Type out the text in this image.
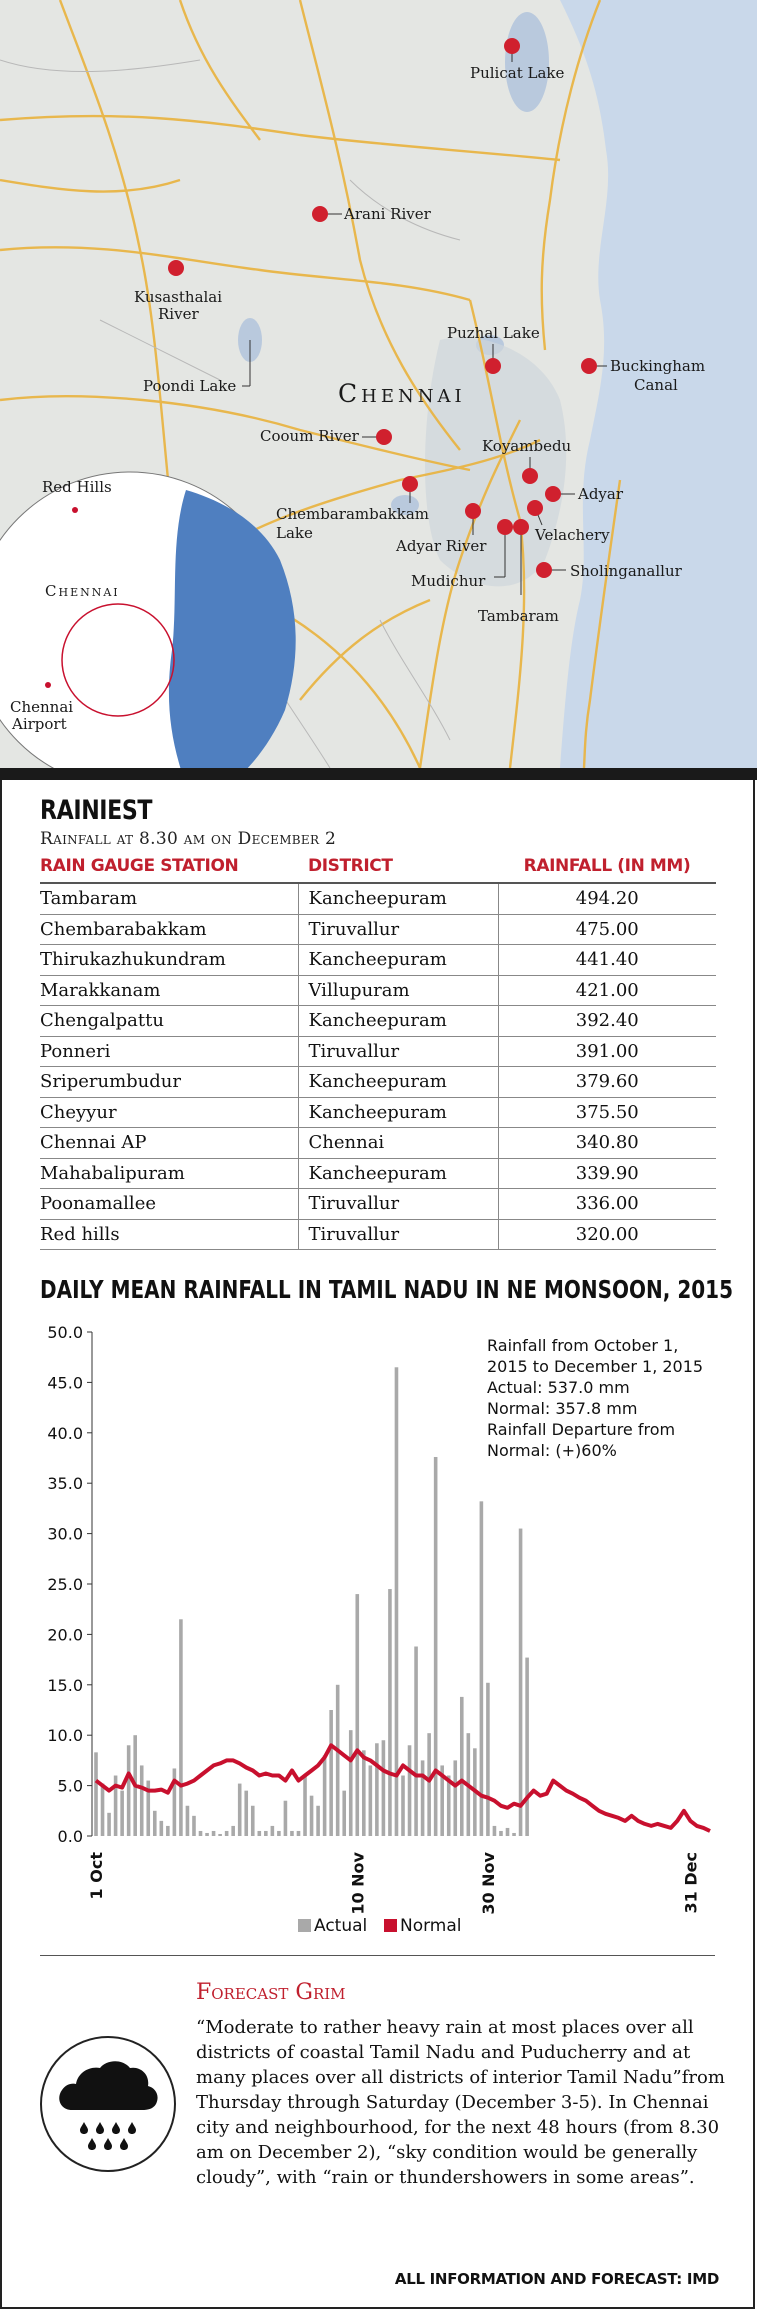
Red Hills
Chennai
Chennai
Airport
Pulicat Lake
Arani River
Kusasthalai
River
Poondi Lake
Puzhal Lake
Buckingham
Canal
Chennai
Cooum River
Koyambedu
Adyar
Chembarambakkam
Lake
Adyar River
Velachery
Mudichur
Tambaram
Sholinganallur
RAINIEST
Rainfall at 8.30 am on December 2
RAIN GAUGE STATION	DISTRICT	RAINFALL (IN MM)
Tambaram	Kancheepuram	494.20
Chembarabakkam	Tiruvallur	475.00
Thirukazhukundram	Kancheepuram	441.40
Marakkanam	Villupuram	421.00
Chengalpattu	Kancheepuram	392.40
Ponneri	Tiruvallur	391.00
Sriperumbudur	Kancheepuram	379.60
Cheyyur	Kancheepuram	375.50
Chennai AP	Chennai	340.80
Mahabalipuram	Kancheepuram	339.90
Poonamallee	Tiruvallur	336.00
Red hills	Tiruvallur	320.00
DAILY MEAN RAINFALL IN TAMIL NADU IN NE MONSOON, 2015
50.0
45.0
40.0
35.0
30.0
25.0
20.0
15.0
10.0
5.0
0.0
1 Oct	10 Nov	30 Nov	31 Dec
Actual Normal
Rainfall from October 1,
2015 to December 1, 2015
Actual: 537.0 mm
Normal: 357.8 mm
Rainfall Departure from
Normal: (+)60%
Forecast Grim
“Moderate to rather heavy rain at most places over all districts of coastal Tamil Nadu and Puducherry and at many places over all districts of interior Tamil Nadu”from Thursday through Saturday (December 3-5). In Chennai city and neighbourhood, for the next 48 hours (from 8.30 am on December 2), “sky condition would be generally cloudy”, with “rain or thundershowers in some areas”.
ALL INFORMATION AND FORECAST: IMD
